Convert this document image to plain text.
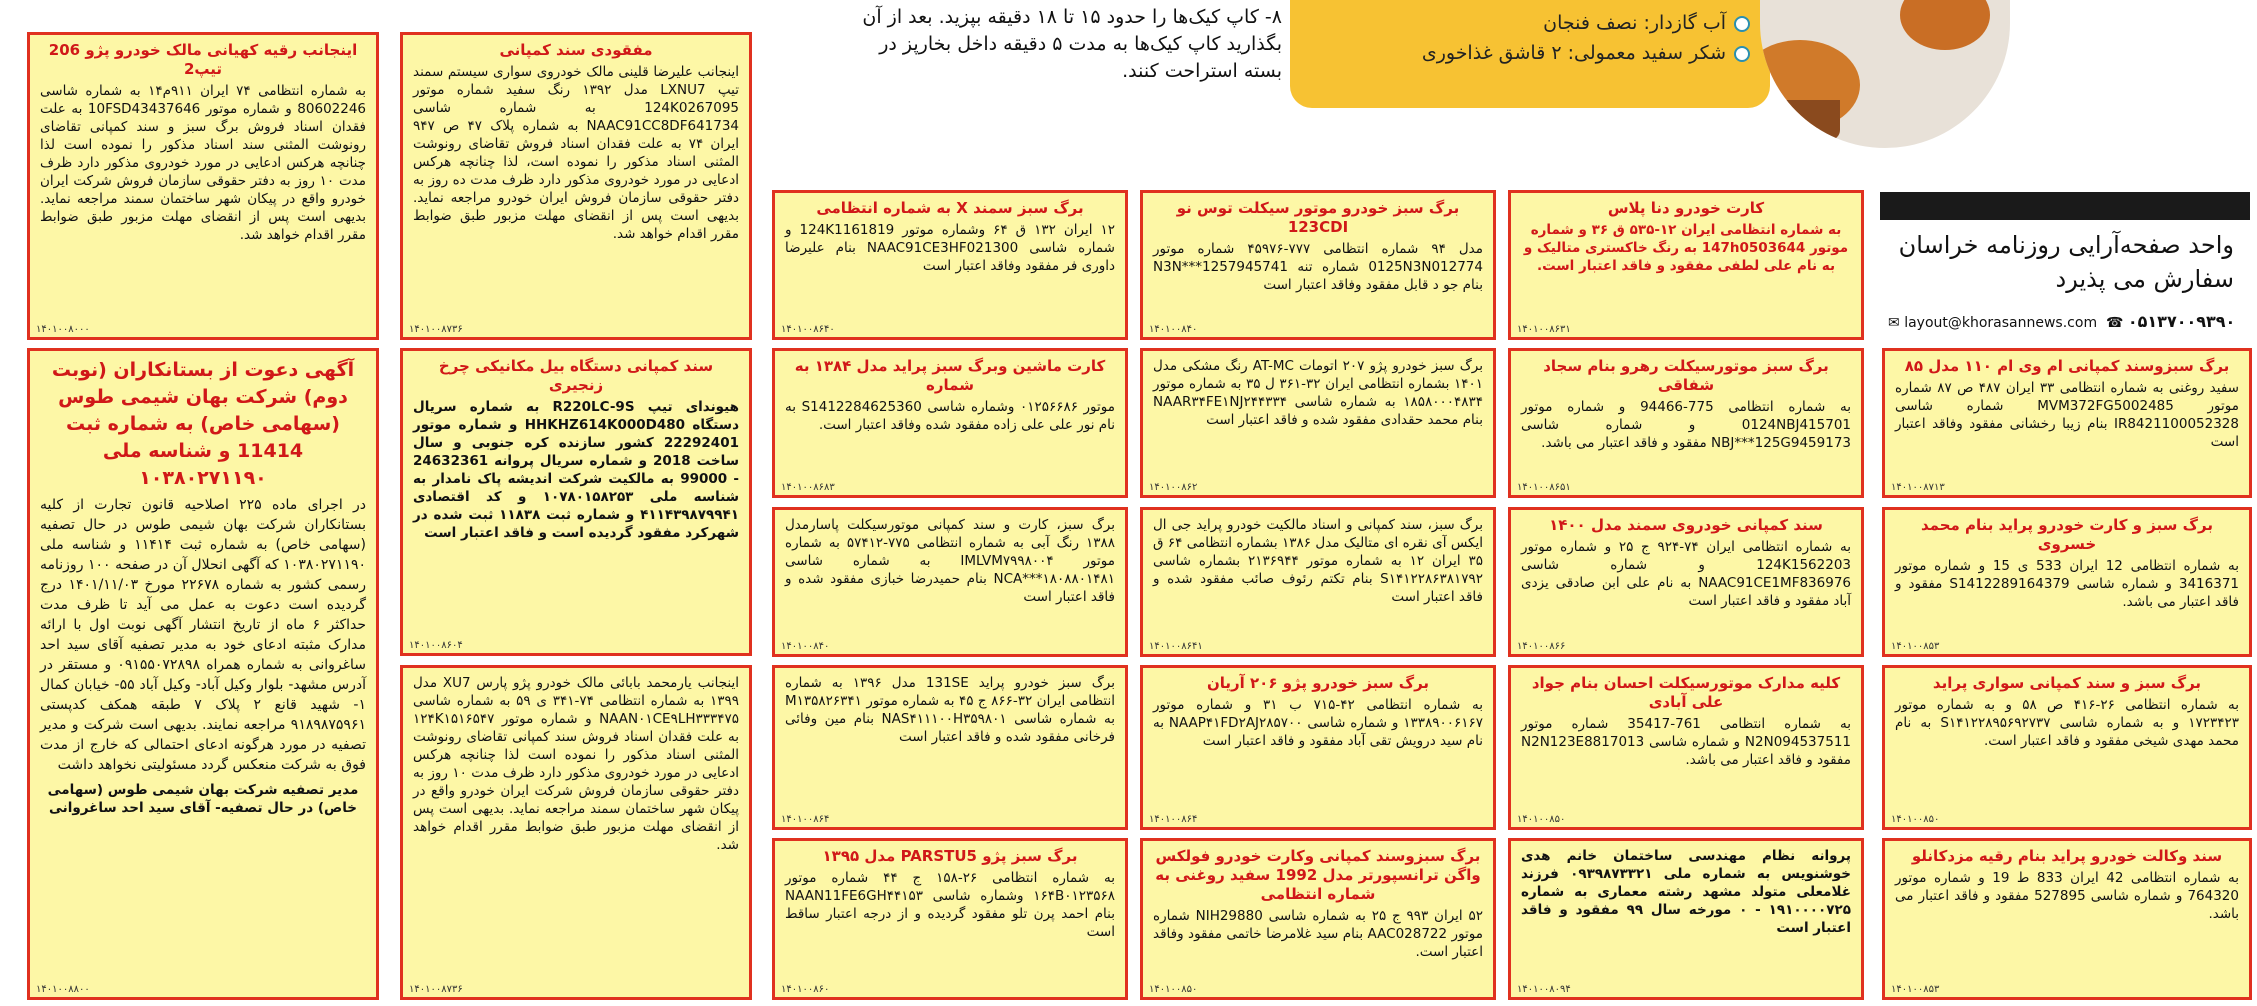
۸- کاپ کیک‌ها را حدود ۱۵ تا ۱۸ دقیقه بپزید. بعد از آن
بگذارید کاپ کیک‌ها به مدت ۵ دقیقه داخل بخارپز در
بسته استراحت کنند.
آب گازدار: نصف فنجان
شکر سفید معمولی: ۲ قاشق غذاخوری
واحد صفحه‌آرایی روزنامه خراسان
سفارش می پذیرد
✉ layout@khorasannews.com  ☎ ۰۵۱۳۷۰۰۹۳۹۰
اینجانب رقیه کهیانی مالک خودرو پژو 206 تیپ2
به شماره انتظامی ۷۴ ایران ۹۱۱م۱۴ به شماره شاسی 80602246 و شماره موتور 10FSD43437646 به علت فقدان اسناد فروش برگ سبز و سند کمپانی تقاضای رونوشت المثنی سند اسناد مذکور را نموده است لذا چنانچه هرکس ادعایی در مورد خودروی مذکور دارد ظرف مدت ۱۰ روز به دفتر حقوقی سازمان فروش شرکت ایران خودرو واقع در پیکان شهر ساختمان سمند مراجعه نماید. بدیهی است پس از انقضای مهلت مزبور طبق ضوابط مقرر اقدام خواهد شد.
۱۴۰۱۰۰۸۰۰۰
آگهی دعوت از بستانکاران (نوبت دوم) شرکت بهان شیمی طوس (سهامی خاص) به شماره ثبت 11414 و شناسه ملی ۱۰۳۸۰۲۷۱۱۹۰
در اجرای ماده ۲۲۵ اصلاحیه قانون تجارت از کلیه بستانکاران شرکت بهان شیمی طوس در حال تصفیه (سهامی خاص) به شماره ثبت ۱۱۴۱۴ و شناسه ملی ۱۰۳۸۰۲۷۱۱۹۰ که آگهی انحلال آن در صفحه ۱۰۰ روزنامه رسمی کشور به شماره ۲۲۶۷۸ مورخ ۱۴۰۱/۱۱/۰۳ درج گردیده است دعوت به عمل می آید تا ظرف مدت حداکثر ۶ ماه از تاریخ انتشار آگهی نوبت اول با ارائه مدارک مثبته ادعای خود به مدیر تصفیه آقای سید احد ساغروانی به شماره همراه ۰۹۱۵۵۰۷۲۸۹۸ و مستقر در آدرس مشهد- بلوار وکیل آباد- وکیل آباد ۵۵- خیابان کمال ۱- شهید قانع ۲ پلاک ۷ طبقه همکف کدپستی ۹۱۸۹۸۷۵۹۶۱ مراجعه نمایند. بدیهی است شرکت و مدیر تصفیه در مورد هرگونه ادعای احتمالی که خارج از مدت فوق به شرکت منعکس گردد مسئولیتی نخواهد داشت
مدیر تصفیه شرکت بهان شیمی طوس (سهامی خاص) در حال تصفیه- آقای سید احد ساغروانی
۱۴۰۱۰۰۸۸۰۰
مفقودی سند کمپانی
اینجانب علیرضا قلینی مالک خودروی سواری سیستم سمند تیپ LXNU7 مدل ۱۳۹۲ رنگ سفید شماره موتور 124K0267095 به شماره شاسی NAAC91CC8DF641734 به شماره پلاک ۴۷ ص ۹۴۷ ایران ۷۴ به علت فقدان اسناد فروش تقاضای رونوشت المثنی اسناد مذکور را نموده است، لذا چنانچه هرکس ادعایی در مورد خودروی مذکور دارد ظرف مدت ده روز به دفتر حقوقی سازمان فروش ایران خودرو مراجعه نماید. بدیهی است پس از انقضای مهلت مزبور طبق ضوابط مقرر اقدام خواهد شد.
۱۴۰۱۰۰۸۷۳۶
سند کمپانی دستگاه بیل مکانیکی چرخ زنجیری
هیوندای تیپ R220LC-9S به شماره سریال دستگاه HHKHZ614K000D480 و شماره موتور 22292401 کشور سازنده کره جنوبی و سال ساخت 2018 و شماره سریال پروانه 24632361 - 99000 به مالکیت شرکت اندیشه پاک نامدار به شناسه ملی ۱۰۷۸۰۱۵۸۲۵۳ و کد اقتصادی ۴۱۱۴۳۹۸۷۹۹۴۱ و شماره ثبت ۱۱۸۳۸ ثبت شده در شهرکرد مفقود گردیده است و فاقد اعتبار است
۱۴۰۱۰۰۸۶۰۴
اینجانب یارمحمد بابائی مالک خودرو پژو پارس XU7 مدل ۱۳۹۹ به شماره انتظامی ۷۴-۳۴۱ ی ۵۹ به شماره شاسی NAAN۰۱CE۹LH۳۳۳۴۷۵ و شماره موتور ۱۲۴K۱۵۱۶۵۴۷ به علت فقدان اسناد فروش سند کمپانی تقاضای رونوشت المثنی اسناد مذکور را نموده است لذا چنانچه هرکس ادعایی در مورد خودروی مذکور دارد ظرف مدت ۱۰ روز به دفتر حقوقی سازمان فروش شرکت ایران خودرو واقع در پیکان شهر ساختمان سمند مراجعه نماید. بدیهی است پس از انقضای مهلت مزبور طبق ضوابط مقرر اقدام خواهد شد.
۱۴۰۱۰۰۸۷۳۶
برگ سبز سمند X به شماره انتظامی
۱۲ ایران ۱۳۲ ق ۶۴ وشماره موتور 124K1161819 و شماره شاسی NAAC91CE3HF021300 بنام علیرضا داوری فر مفقود وفاقد اعتبار است
۱۴۰۱۰۰۸۶۴۰
کارت ماشین وبرگ سبز پراید مدل ۱۳۸۴ به شماره
موتور ۰۱۲۵۶۶۸۶ وشماره شاسی S1412284625360 به نام نور علی علی زاده مفقود شده وفاقد اعتبار است.
۱۴۰۱۰۰۸۶۸۳
برگ سبز، کارت و سند کمپانی موتورسیکلت پاسارمدل ۱۳۸۸ رنگ آبی به شماره انتظامی ۷۷۵-۵۷۴۱۲ به شماره موتور IMLVM۷۹۹۸۰۰۴ به شماره شاسی NCA***۱۸۰۸۸۰۱۴۸۱ بنام حمیدرضا خبازی مفقود شده و فاقد اعتبار است
۱۴۰۱۰۰۸۴۰
برگ سبز خودرو پراید 131SE مدل ۱۳۹۶ به شماره انتظامی ایران ۳۲-۸۶۶ ج ۴۵ به شماره موتور M۱۳۵۸۲۶۳۴۱ به شماره شاسی NAS۴۱۱۱۰۰H۳۵۹۸۰۱ بنام مین وفائی فرخانی مفقود شده و فاقد اعتبار است
۱۴۰۱۰۰۸۶۴
برگ سبز پژو PARSTU5 مدل ۱۳۹۵
به شماره انتظامی ۲۶-۱۵۸ ج ۴۴ شماره موتور ۱۶۴B۰۱۲۳۵۶۸ وشماره شاسی NAAN11FE6GH۴۴۱۵۳ بنام احمد پرن تلو مفقود گردیده و از درجه اعتبار ساقط است
۱۴۰۱۰۰۸۶۰
برگ سبز خودرو موتور سیکلت توس نو 123CDI
مدل ۹۴ شماره انتظامی ۷۷۷-۴۵۹۷۶ شماره موتور 0125N3N012774 شماره تنه N3N***1257945741 بنام جو د قابل مفقود وفاقد اعتبار است
۱۴۰۱۰۰۸۴۰
برگ سبز خودرو پژو ۲۰۷ اتومات AT-MC رنگ مشکی مدل ۱۴۰۱ بشماره انتظامی ایران ۳۲-۳۶۱ ل ۳۵ به شماره موتور ۱۸۵۸۰۰۰۴۸۳۴ به شماره شاسی NAAR۳۴FE۱NJ۲۴۴۳۳۴ بنام محمد حقدادی مفقود شده و فاقد اعتبار است
۱۴۰۱۰۰۸۶۲
برگ سبز، سند کمپانی و اسناد مالکیت خودرو پراید جی ال ایکس آی نقره ای متالیک مدل ۱۳۸۶ بشماره انتظامی ۶۴ ق ۳۵ ایران ۱۲ به شماره موتور ۲۱۳۶۹۴۴ بشماره شاسی S۱۴۱۲۲۸۶۳۸۱۷۹۲ بنام تکتم رئوف صائب مفقود شده و فاقد اعتبار است
۱۴۰۱۰۰۸۶۴۱
برگ سبز خودرو پژو ۲۰۶ آریان
به شماره انتظامی ۴۲-۷۱۵ ب ۳۱ و شماره موتور ۱۳۳۸۹۰۰۶۱۶۷ و شماره شاسی NAAP۴۱FD۲AJ۲۸۵۷۰۰ به نام سید درویش تقی آباد مفقود و فاقد اعتبار است
۱۴۰۱۰۰۸۶۴
برگ سبزوسند کمپانی وکارت خودرو فولکس واگن ترانسپورتر مدل 1992 سفید روغنی به شماره انتظامی
۵۲ ایران ۹۹۳ ج ۲۵ به شماره شاسی NIH29880 شماره موتور AAC028722 بنام سید غلامرضا خاتمی مفقود وفاقد اعتبار است.
۱۴۰۱۰۰۸۵۰
کارت خودرو دنا پلاس
به شماره انتظامی ایران ۱۲-۵۳۵ ق ۳۶ و شماره موتور 147h0503644 به رنگ خاکستری متالیک و به نام علی لطفی مفقود و فاقد اعتبار است.
۱۴۰۱۰۰۸۶۳۱
برگ سبز موتورسیکلت رهرو بنام سجاد شفاقی
به شماره انتظامی 775-94466 و شماره موتور 0124NBJ415701 و شماره شاسی NBJ***125G9459173 مفقود و فاقد اعتبار می باشد.
۱۴۰۱۰۰۸۶۵۱
سند کمپانی خودروی سمند مدل ۱۴۰۰
به شماره انتظامی ایران ۷۴-۹۲۴ ج ۲۵ و شماره موتور 124K1562203 و شماره شاسی NAAC91CE1MF836976 به نام علی ابن صادقی یزدی آباد مفقود و فاقد اعتبار است
۱۴۰۱۰۰۸۶۶
کلیه مدارک موتورسیکلت احسان بنام جواد علی آبادی
به شماره انتظامی 761-35417 شماره موتور N2N094537511 و شماره شاسی N2N123E8817013 مفقود و فاقد اعتبار می باشد.
۱۴۰۱۰۰۸۵۰
پروانه نظام مهندسی ساختمان خانم هدی خوشنویس به شماره ملی ۰۹۳۹۸۷۳۳۲۱ فرزند غلامعلی متولد مشهد رشته معماری به شماره ۱۹۱۰۰۰۰۷۲۵ - ۰ مورخه سال ۹۹ مفقود و فاقد اعتبار است
۱۴۰۱۰۰۸۰۹۴
برگ سبزوسند کمپانی ام وی ام ۱۱۰ مدل ۸۵
سفید روغنی به شماره انتظامی ۳۳ ایران ۴۸۷ ص ۸۷ شماره موتور MVM372FG5002485 شماره شاسی IR8421100052328 بنام زیبا رخشانی مفقود وفاقد اعتبار است
۱۴۰۱۰۰۸۷۱۳
برگ سبز و کارت خودرو پراید بنام محمد خسروی
به شماره انتظامی 12 ایران 533 ی 15 و شماره موتور 3416371 و شماره شاسی S1412289164379 مفقود و فاقد اعتبار می باشد.
۱۴۰۱۰۰۸۵۳
برگ سبز و سند کمپانی سواری پراید
به شماره انتظامی ۲۶-۴۱۶ ص ۵۸ و به شماره موتور ۱۷۲۳۴۲۳ و به شماره شاسی S۱۴۱۲۲۸۹۵۶۹۲۷۳۷ به نام محمد مهدی شیخی مفقود و فاقد اعتبار است.
۱۴۰۱۰۰۸۵۰
سند وکالت خودرو پراید بنام رقیه مزدکانلو
به شماره انتظامی 42 ایران 833 ط 19 و شماره موتور 764320 و شماره شاسی 527895 مفقود و فاقد اعتبار می باشد.
۱۴۰۱۰۰۸۵۳
